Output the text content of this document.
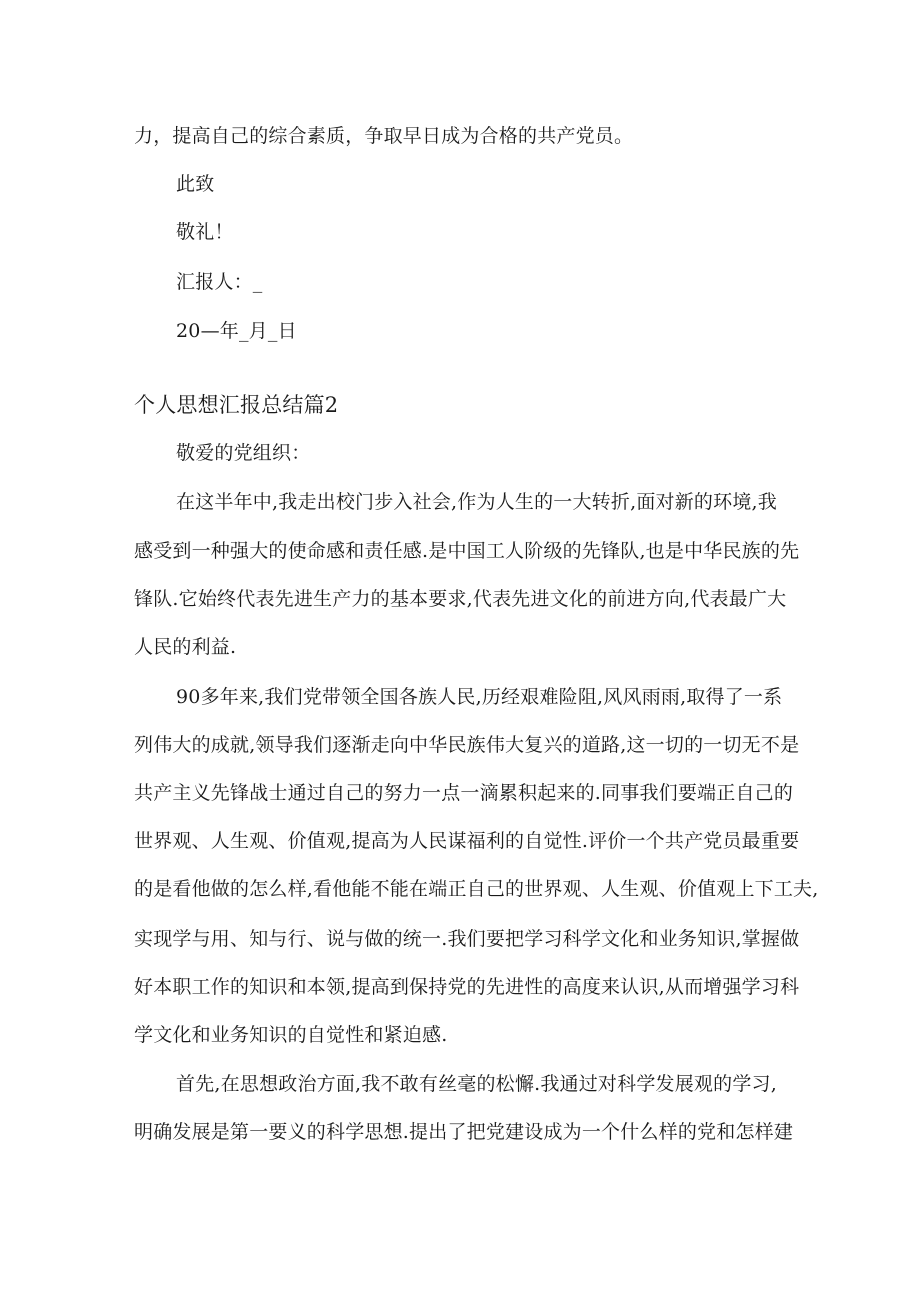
力，提高自己的综合素质，争取早日成为合格的共产党员。
此致
敬礼！
汇报人：_
20—年_月_日
个人思想汇报总结篇2
敬爱的党组织：
在这半年中,我走出校门步入社会,作为人生的一大转折,面对新的环境,我
感受到一种强大的使命感和责任感.是中国工人阶级的先锋队,也是中华民族的先
锋队.它始终代表先进生产力的基本要求,代表先进文化的前进方向,代表最广大
人民的利益.
90多年来,我们党带领全国各族人民,历经艰难险阻,风风雨雨,取得了一系
列伟大的成就,领导我们逐渐走向中华民族伟大复兴的道路,这一切的一切无不是
共产主义先锋战士通过自己的努力一点一滴累积起来的.同事我们要端正自己的
世界观、人生观、价值观,提高为人民谋福利的自觉性.评价一个共产党员最重要
的是看他做的怎么样,看他能不能在端正自己的世界观、人生观、价值观上下工夫,
实现学与用、知与行、说与做的统一.我们要把学习科学文化和业务知识,掌握做
好本职工作的知识和本领,提高到保持党的先进性的高度来认识,从而增强学习科
学文化和业务知识的自觉性和紧迫感.
首先,在思想政治方面,我不敢有丝毫的松懈.我通过对科学发展观的学习,
明确发展是第一要义的科学思想.提出了把党建设成为一个什么样的党和怎样建
